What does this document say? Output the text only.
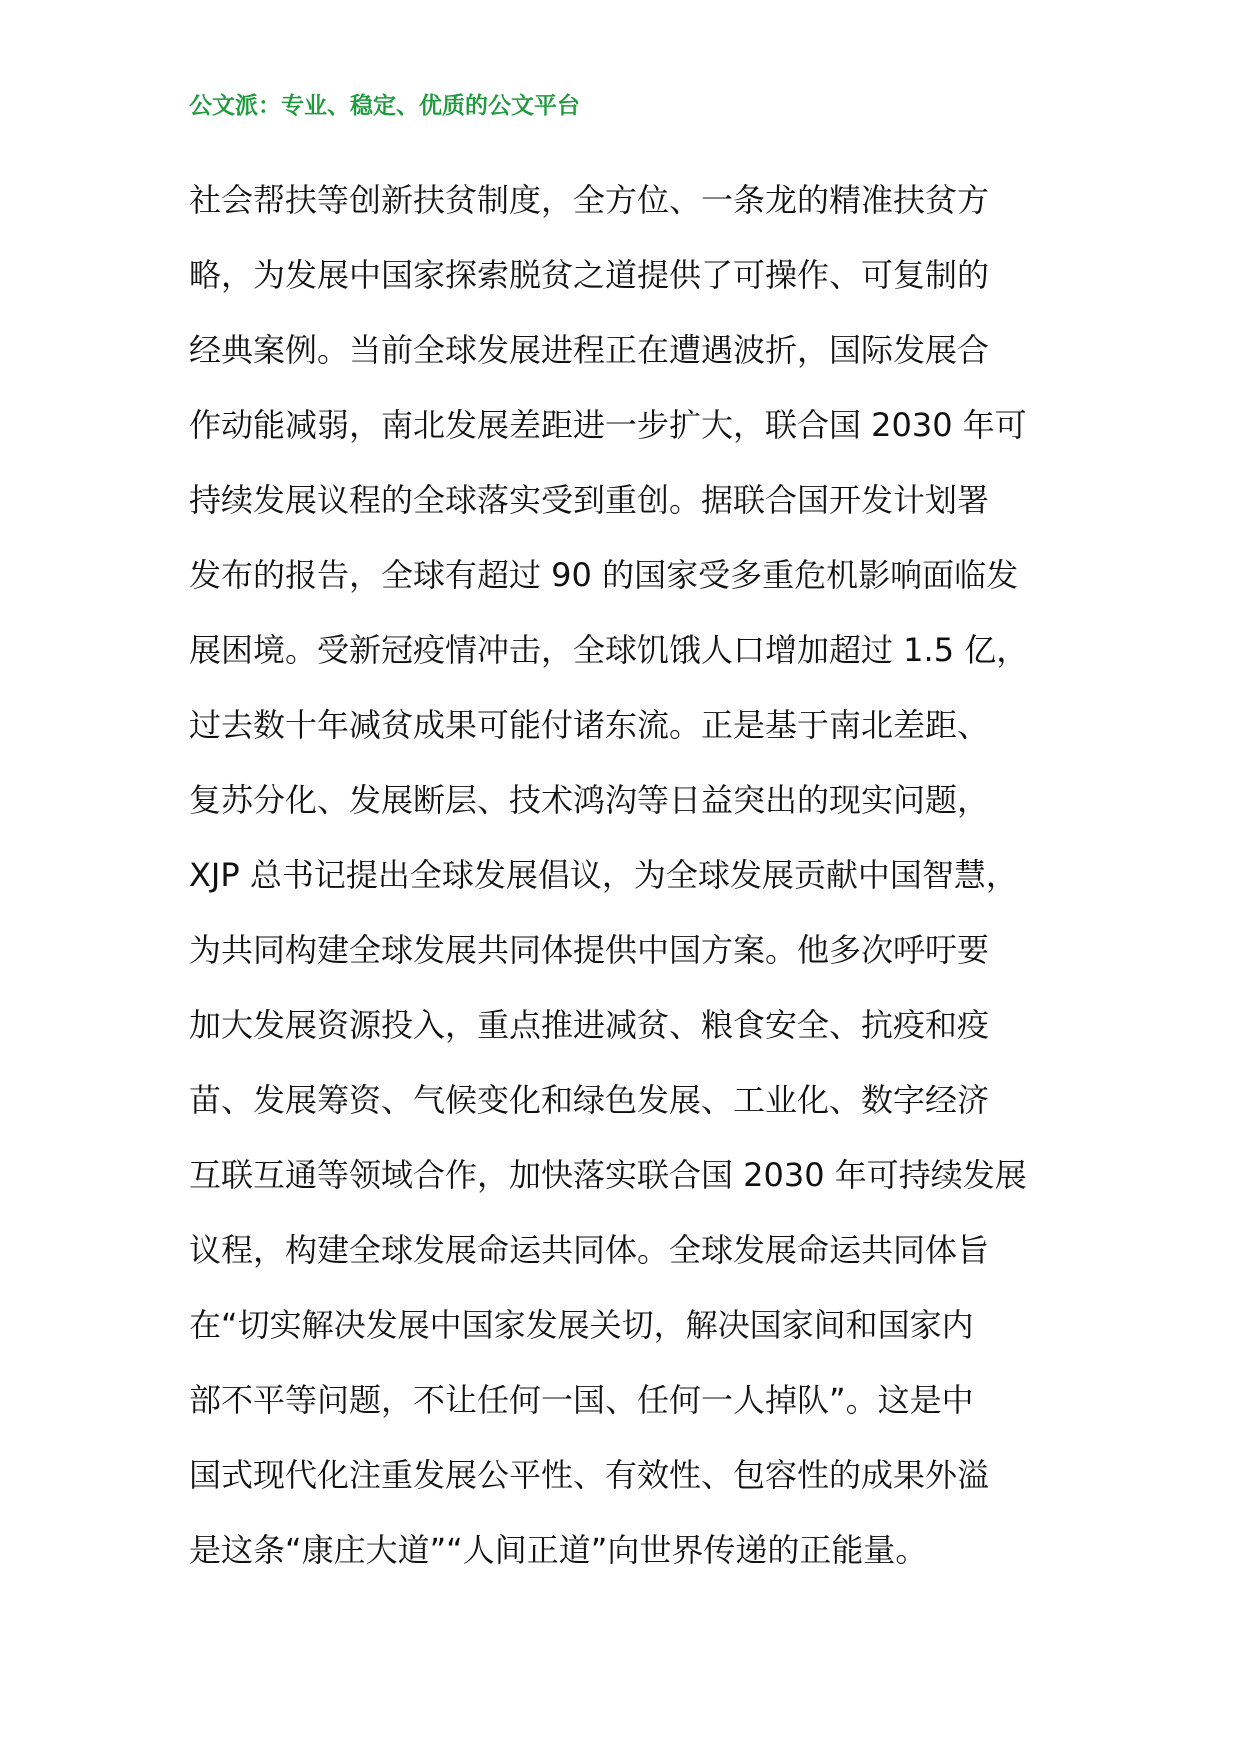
公文派：专业、稳定、优质的公文平台
社会帮扶等创新扶贫制度，全方位、一条龙的精准扶贫方
略，为发展中国家探索脱贫之道提供了可操作、可复制的
经典案例。当前全球发展进程正在遭遇波折，国际发展合
作动能减弱，南北发展差距进一步扩大，联合国 2030 年可
持续发展议程的全球落实受到重创。据联合国开发计划署
发布的报告，全球有超过 90 的国家受多重危机影响面临发
展困境。受新冠疫情冲击，全球饥饿人口增加超过 1.5 亿，
过去数十年减贫成果可能付诸东流。正是基于南北差距、
复苏分化、发展断层、技术鸿沟等日益突出的现实问题，
XJP 总书记提出全球发展倡议，为全球发展贡献中国智慧，
为共同构建全球发展共同体提供中国方案。他多次呼吁要
加大发展资源投入，重点推进减贫、粮食安全、抗疫和疫
苗、发展筹资、气候变化和绿色发展、工业化、数字经济
互联互通等领域合作，加快落实联合国 2030 年可持续发展
议程，构建全球发展命运共同体。全球发展命运共同体旨
在“切实解决发展中国家发展关切，解决国家间和国家内
部不平等问题，不让任何一国、任何一人掉队”。这是中
国式现代化注重发展公平性、有效性、包容性的成果外溢
是这条“康庄大道”“人间正道”向世界传递的正能量。
